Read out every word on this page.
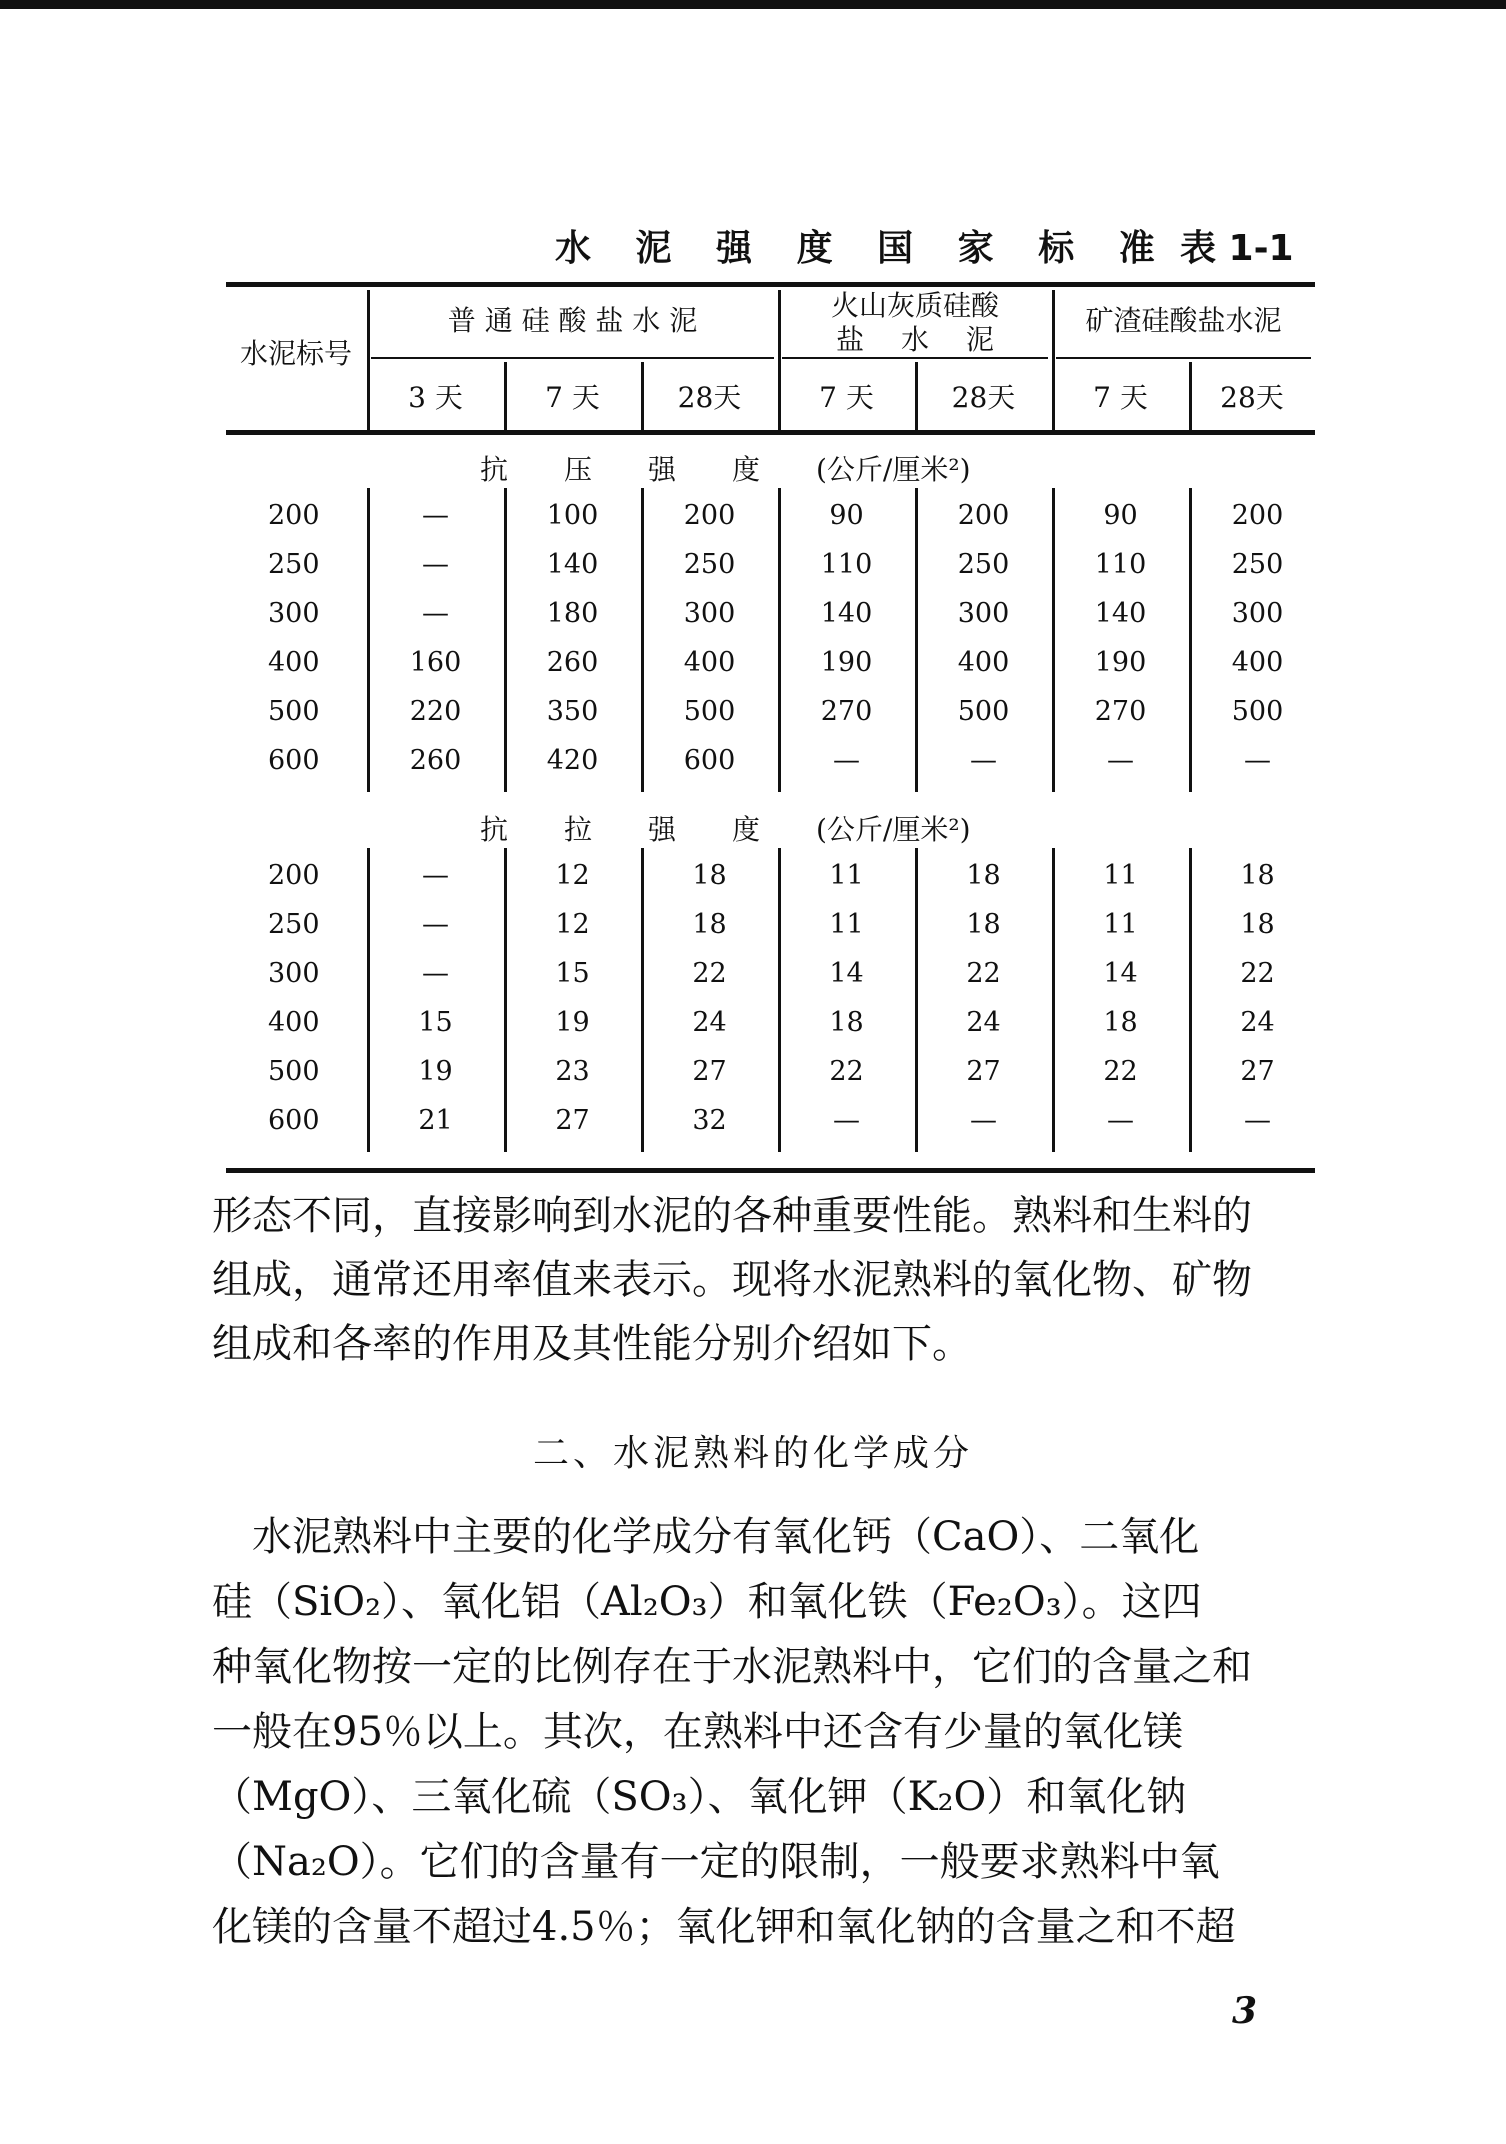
水 泥 强 度 国 家 标 准 表 1-1
水泥标号
普 通 硅 酸 盐 水 泥
3 天	7 天	28天
火山灰质硅酸
盐　 水　 泥
7 天	28天
矿渣硅酸盐水泥
7 天	28天
抗　　压　　强　　度　　(公斤/厘米²)
200	—	100	200	90	200	90	200
250	—	140	250	110	250	110	250
300	—	180	300	140	300	140	300
400	160	260	400	190	400	190	400
500	220	350	500	270	500	270	500
600	260	420	600	—	—	—	—
抗　　拉　　强　　度　　(公斤/厘米²)
200	—	12	18	11	18	11	18
250	—	12	18	11	18	11	18
300	—	15	22	14	22	14	22
400	15	19	24	18	24	18	24
500	19	23	27	22	27	22	27
600	21	27	32	—	—	—	—

形态不同，直接影响到水泥的各种重要性能。熟料和生料的

组成，通常还用率值来表示。现将水泥熟料的氧化物、矿物

组成和各率的作用及其性能分别介绍如下。

二、水泥熟料的化学成分

　水泥熟料中主要的化学成分有氧化钙（CaO）、二氧化

硅（SiO₂）、氧化铝（Al₂O₃）和氧化铁（Fe₂O₃）。这四

种氧化物按一定的比例存在于水泥熟料中，它们的含量之和

一般在95％以上。其次，在熟料中还含有少量的氧化镁

（MgO）、三氧化硫（SO₃）、氧化钾（K₂O）和氧化钠

（Na₂O）。它们的含量有一定的限制，一般要求熟料中氧

化镁的含量不超过4.5％；氧化钾和氧化钠的含量之和不超

3
